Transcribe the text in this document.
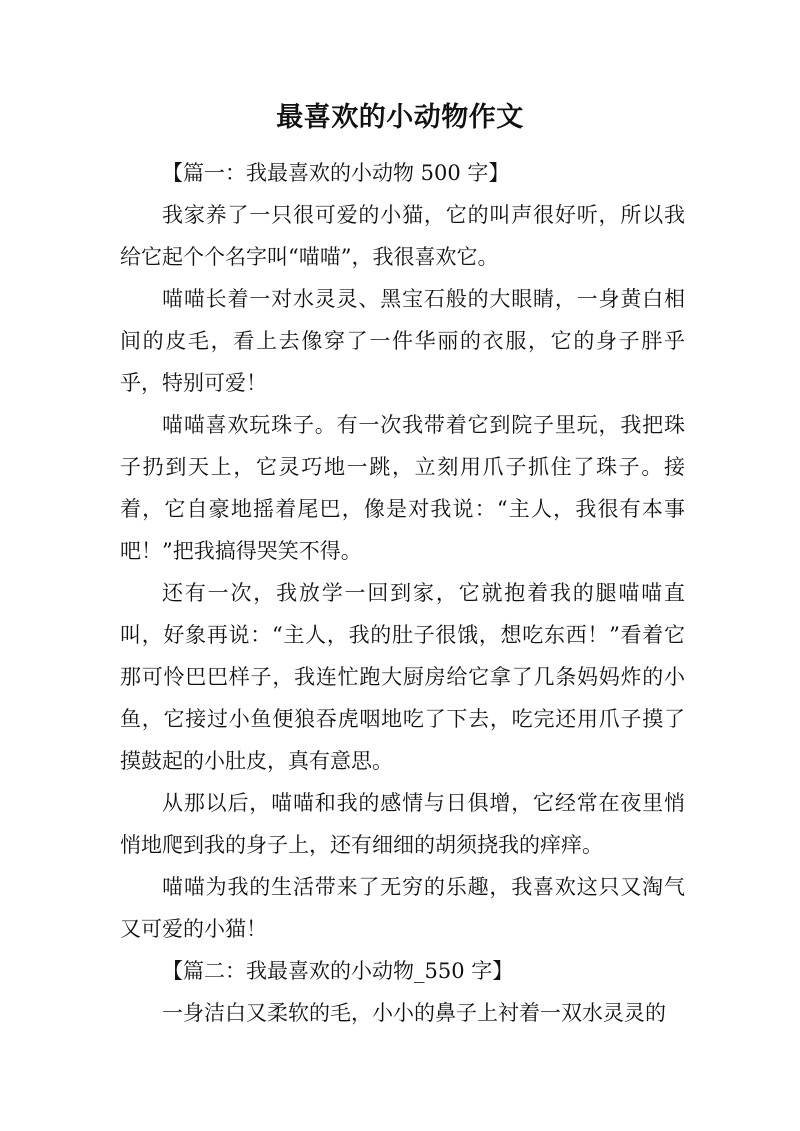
最喜欢的小动物作文

【篇一：我最喜欢的小动物 500 字】

我家养了一只很可爱的小猫，它的叫声很好听，所以我给它起个个名字叫“喵喵”，我很喜欢它。

喵喵长着一对水灵灵、黑宝石般的大眼睛，一身黄白相间的皮毛，看上去像穿了一件华丽的衣服，它的身子胖乎乎，特别可爱！

喵喵喜欢玩珠子。有一次我带着它到院子里玩，我把珠子扔到天上，它灵巧地一跳，立刻用爪子抓住了珠子。接着，它自豪地摇着尾巴，像是对我说：“主人，我很有本事吧！”把我搞得哭笑不得。

还有一次，我放学一回到家，它就抱着我的腿喵喵直叫，好象再说：“主人，我的肚子很饿，想吃东西！”看着它那可怜巴巴样子，我连忙跑大厨房给它拿了几条妈妈炸的小鱼，它接过小鱼便狼吞虎咽地吃了下去，吃完还用爪子摸了摸鼓起的小肚皮，真有意思。

从那以后，喵喵和我的感情与日俱增，它经常在夜里悄悄地爬到我的身子上，还有细细的胡须挠我的痒痒。

喵喵为我的生活带来了无穷的乐趣，我喜欢这只又淘气又可爱的小猫！

【篇二：我最喜欢的小动物_550 字】

一身洁白又柔软的毛，小小的鼻子上衬着一双水灵灵的
